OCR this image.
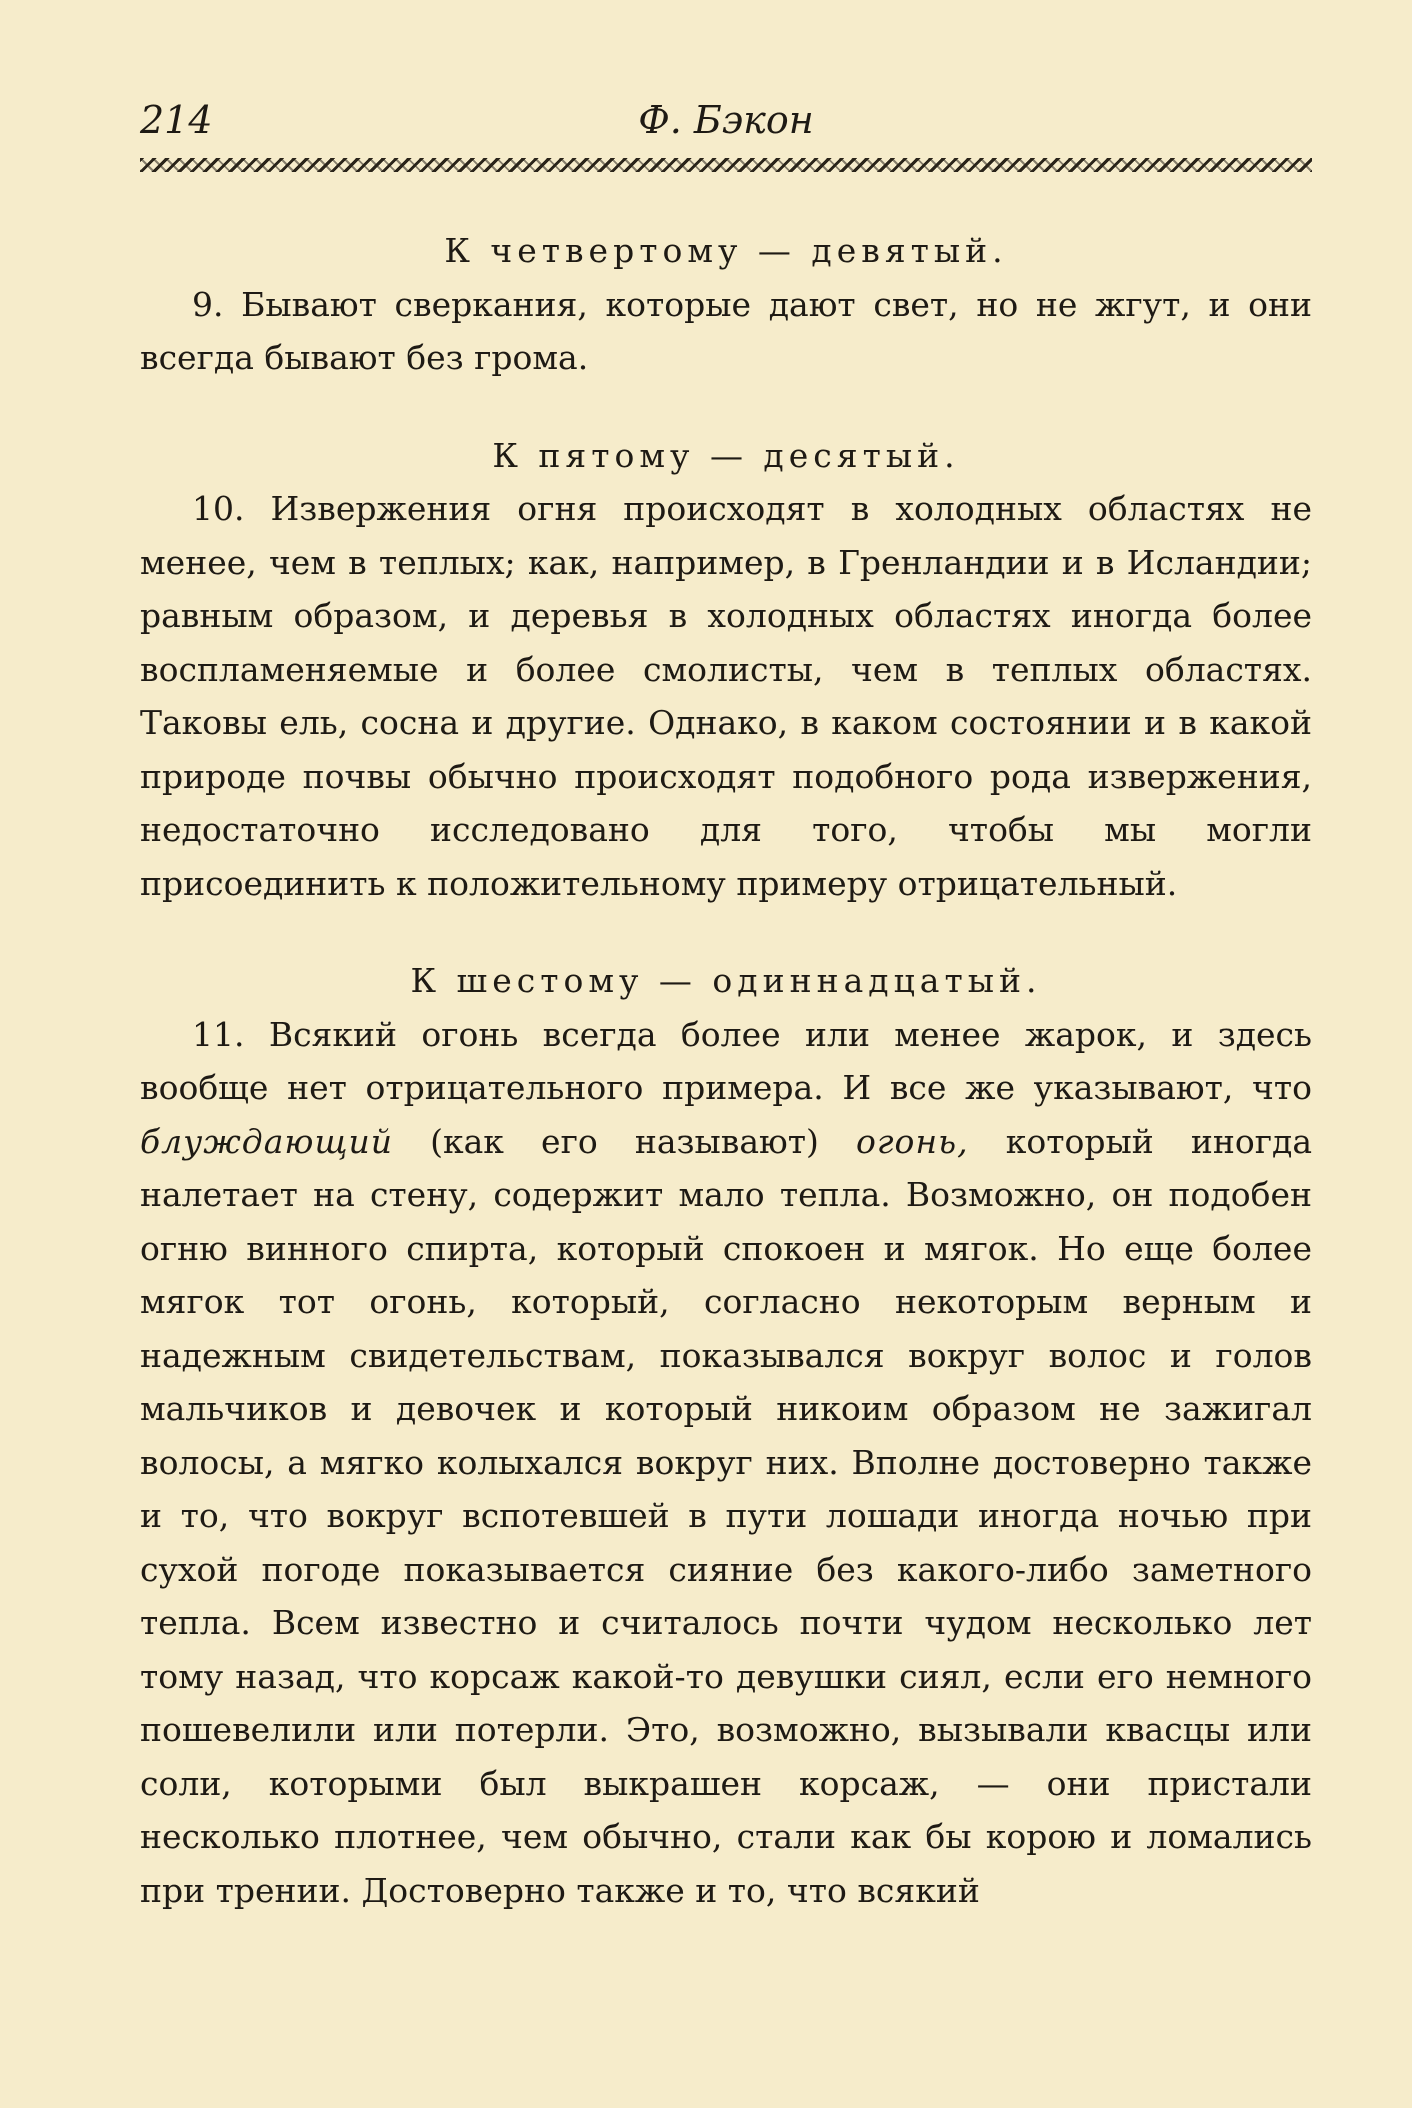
214	Ф. Бэкон

К четвертому — девятый.

9. Бывают сверкания, которые дают свет, но не жгут, и они всегда бывают без грома.

К пятому — десятый.

10. Извержения огня происходят в холодных областях не менее, чем в теплых; как, например, в Гренландии и в Исландии; равным образом, и деревья в холодных областях иногда более воспламеняемые и более смолисты, чем в теплых областях. Таковы ель, сосна и другие. Однако, в каком состоянии и в какой природе почвы обычно происходят подобного рода извержения, недостаточно исследовано для того, чтобы мы могли присоединить к положительному примеру отрицательный.

К шестому — одиннадцатый.

11. Всякий огонь всегда более или менее жарок, и здесь вообще нет отрицательного примера. И все же указывают, что блуждающий (как его называют) огонь, который иногда налетает на стену, содержит мало тепла. Возможно, он подобен огню винного спирта, который спокоен и мягок. Но еще более мягок тот огонь, который, согласно некоторым верным и надежным свидетельствам, показывался вокруг волос и голов мальчиков и девочек и который никоим образом не зажигал волосы, а мягко колыхался вокруг них. Вполне достоверно также и то, что вокруг вспотевшей в пути лошади иногда ночью при сухой погоде показывается сияние без какого-либо заметного тепла. Всем известно и считалось почти чудом несколько лет тому назад, что корсаж какой-то девушки сиял, если его немного пошевелили или потерли. Это, возможно, вызывали квасцы или соли, которыми был выкрашен корсаж, — они пристали несколько плотнее, чем обычно, стали как бы корою и ломались при трении. Достоверно также и то, что всякий
